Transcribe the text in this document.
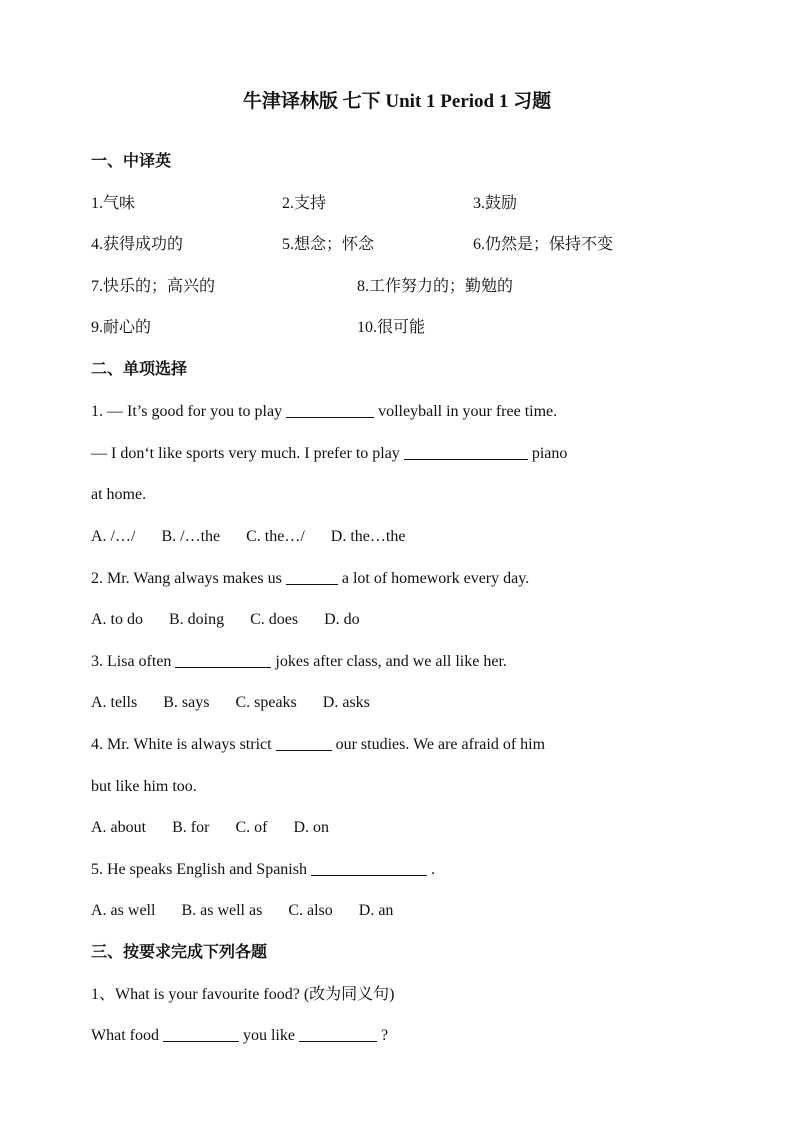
牛津译林版 七下 Unit 1 Period 1 习题
一、中译英
1.气味	2.支持	3.鼓励
4.获得成功的	5.想念；怀念	6.仍然是；保持不变
7.快乐的；高兴的	8.工作努力的；勤勉的
9.耐心的	10.很可能
二、单项选择
1. — It’s good for you to play	volleyball in your free time.
— I don‘t like sports very much. I prefer to play	piano
at home.
A. /…/ B. /…the C. the…/ D. the…the
2. Mr. Wang always makes us	a lot of homework every day.
A. to do B. doing C. does D. do
3. Lisa often	jokes after class, and we all like her.
A. tells B. says C. speaks D. asks
4. Mr. White is always strict	our studies. We are afraid of him
but like him too.
A. about B. for C. of D. on
5. He speaks English and Spanish	.
A. as well B. as well as C. also D. an
三、按要求完成下列各题
1、What is your favourite food? (改为同义句)
What food	you like	?
